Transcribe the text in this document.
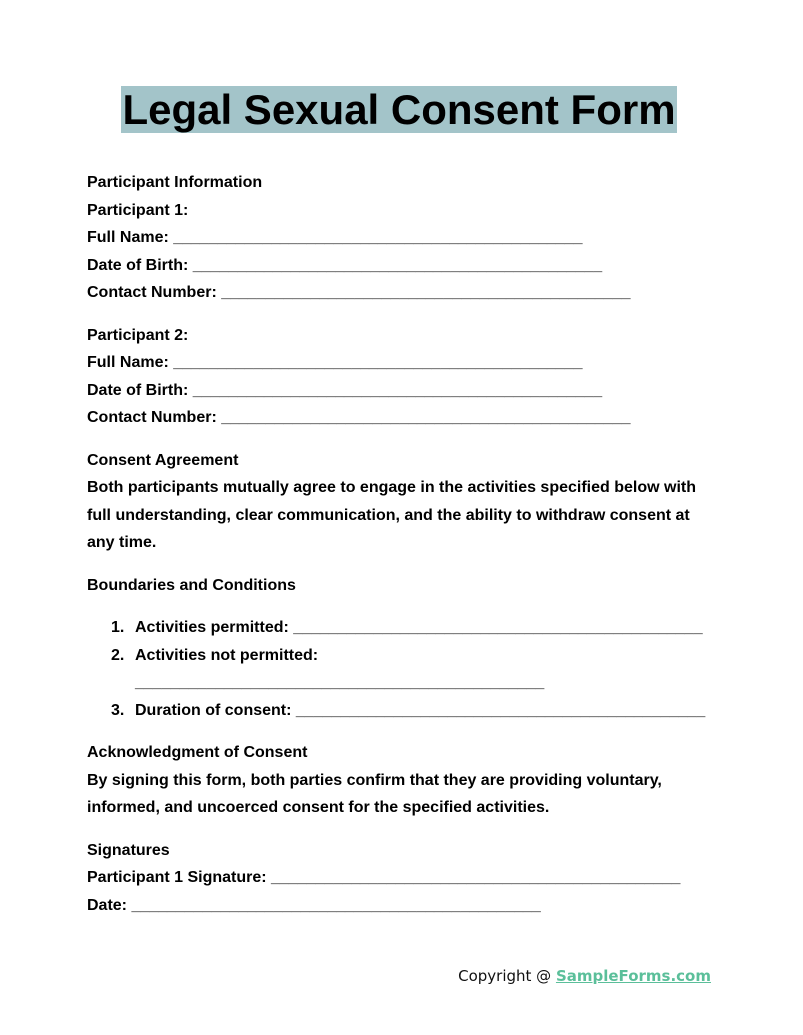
Legal Sexual Consent Form
Participant Information
Participant 1:
Full Name: ______________________________________________
Date of Birth: ______________________________________________
Contact Number: ______________________________________________
Participant 2:
Full Name: ______________________________________________
Date of Birth: ______________________________________________
Contact Number: ______________________________________________
Consent Agreement
Both participants mutually agree to engage in the activities specified below with full understanding, clear communication, and the ability to withdraw consent at any time.
Boundaries and Conditions
1. Activities permitted: ______________________________________________
2. Activities not permitted:
______________________________________________
3. Duration of consent: ______________________________________________
Acknowledgment of Consent
By signing this form, both parties confirm that they are providing voluntary, informed, and uncoerced consent for the specified activities.
Signatures
Participant 1 Signature: ______________________________________________
Date: ______________________________________________
Copyright @ SampleForms.com
